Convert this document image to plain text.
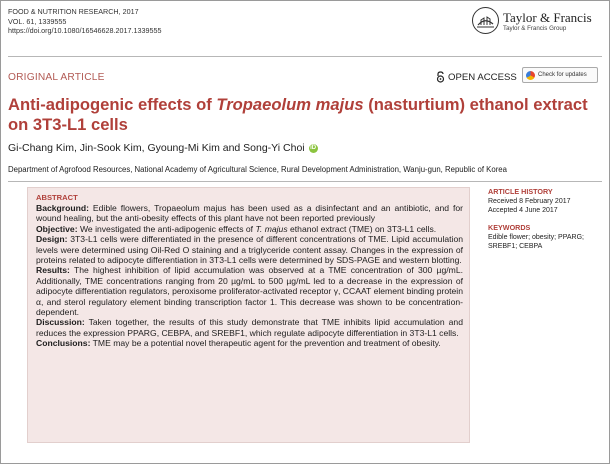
FOOD & NUTRITION RESEARCH, 2017
VOL. 61, 1339555
https://doi.org/10.1080/16546628.2017.1339555
Taylor & Francis
Taylor & Francis Group
ORIGINAL ARTICLE	OPEN ACCESS	Check for updates
Anti-adipogenic effects of Tropaeolum majus (nasturtium) ethanol extract on 3T3-L1 cells
Gi-Chang Kim, Jin-Sook Kim, Gyoung-Mi Kim and Song-Yi Choi iD
Department of Agrofood Resources, National Academy of Agricultural Science, Rural Development Administration, Wanju-gun, Republic of Korea
ABSTRACT

Background: Edible flowers, Tropaeolum majus has been used as a disinfectant and an antibiotic, and for wound healing, but the anti-obesity effects of this plant have not been reported previously

Objective: We investigated the anti-adipogenic effects of T. majus ethanol extract (TME) on 3T3-L1 cells.

Design: 3T3-L1 cells were differentiated in the presence of different concentrations of TME. Lipid accumulation levels were determined using Oil-Red O staining and a triglyceride content assay. Changes in the expression of proteins related to adipocyte differentiation in 3T3-L1 cells were determined by SDS-PAGE and western blotting.

Results: The highest inhibition of lipid accumulation was observed at a TME concentration of 300 µg/mL. Additionally, TME concentrations ranging from 20 µg/mL to 500 µg/mL led to a decrease in the expression of adipocyte differentiation regulators, peroxisome proliferator-activated receptor γ, CCAAT element binding protein α, and sterol regulatory element binding transcription factor 1. This decrease was shown to be concentration-dependent.

Discussion: Taken together, the results of this study demonstrate that TME inhibits lipid accumulation and reduces the expression PPARG, CEBPA, and SREBF1, which regulate adipocyte differentiation in 3T3-L1 cells.

Conclusions: TME may be a potential novel therapeutic agent for the prevention and treatment of obesity.

ARTICLE HISTORY
Received 8 February 2017
Accepted 4 June 2017
KEYWORDS
Edible flower; obesity; PPARG; SREBF1; CEBPA
